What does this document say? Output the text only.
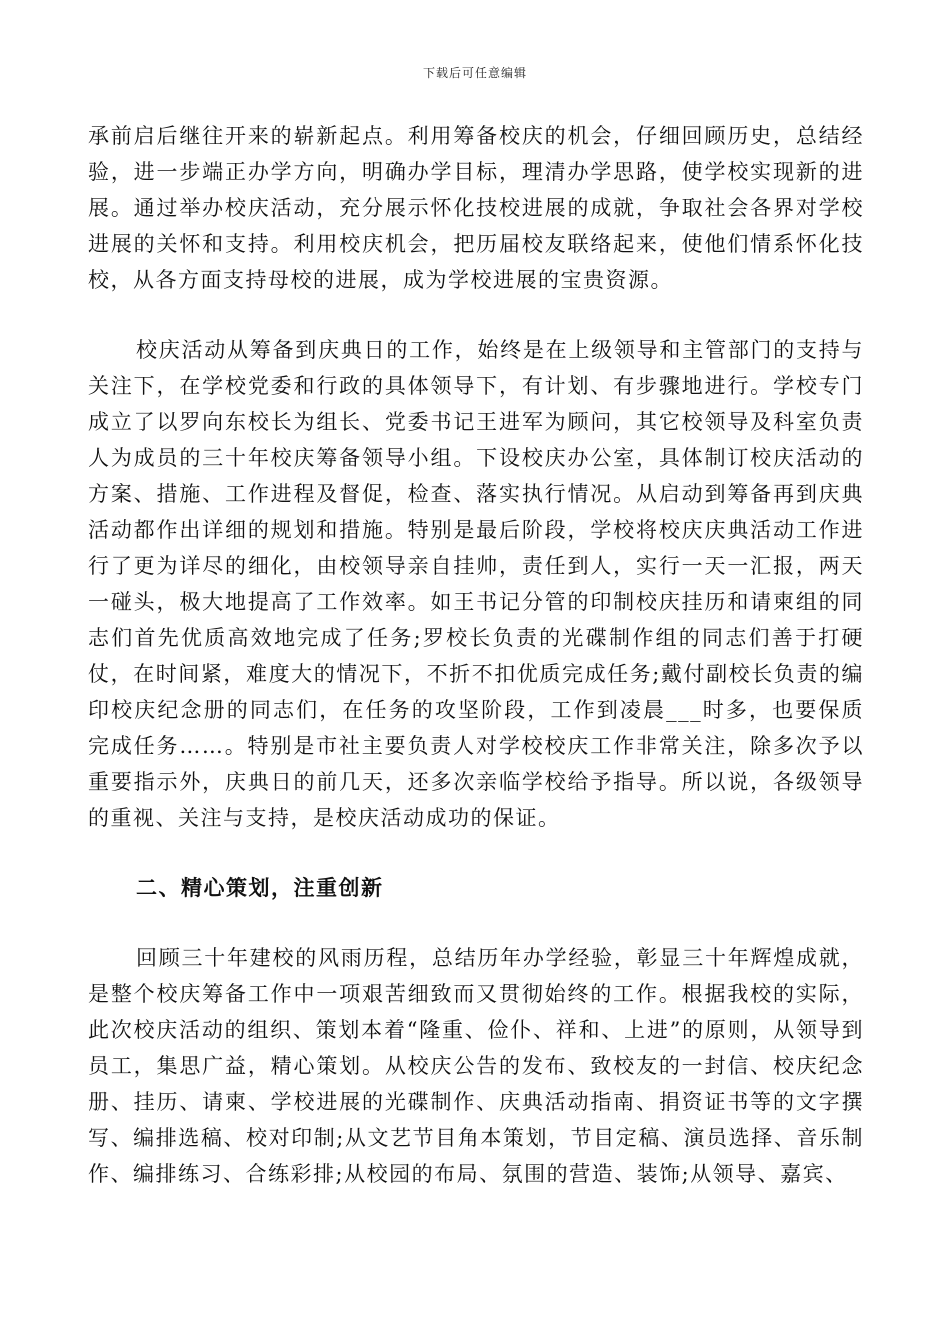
下载后可任意编辑

承前启后继往开来的崭新起点。利用筹备校庆的机会，仔细回顾历史，总结经验，进一步端正办学方向，明确办学目标，理清办学思路，使学校实现新的进展。通过举办校庆活动，充分展示怀化技校进展的成就，争取社会各界对学校进展的关怀和支持。利用校庆机会，把历届校友联络起来，使他们情系怀化技校，从各方面支持母校的进展，成为学校进展的宝贵资源。

校庆活动从筹备到庆典日的工作，始终是在上级领导和主管部门的支持与关注下，在学校党委和行政的具体领导下，有计划、有步骤地进行。学校专门成立了以罗向东校长为组长、党委书记王进军为顾问，其它校领导及科室负责人为成员的三十年校庆筹备领导小组。下设校庆办公室，具体制订校庆活动的方案、措施、工作进程及督促，检查、落实执行情况。从启动到筹备再到庆典活动都作出详细的规划和措施。特别是最后阶段，学校将校庆庆典活动工作进行了更为详尽的细化，由校领导亲自挂帅，责任到人，实行一天一汇报，两天一碰头，极大地提高了工作效率。如王书记分管的印制校庆挂历和请柬组的同志们首先优质高效地完成了任务;罗校长负责的光碟制作组的同志们善于打硬仗，在时间紧，难度大的情况下，不折不扣优质完成任务;戴付副校长负责的编印校庆纪念册的同志们，在任务的攻坚阶段，工作到凌晨___时多，也要保质完成任务……。特别是市社主要负责人对学校校庆工作非常关注，除多次予以重要指示外，庆典日的前几天，还多次亲临学校给予指导。所以说，各级领导的重视、关注与支持，是校庆活动成功的保证。

二、精心策划，注重创新

回顾三十年建校的风雨历程，总结历年办学经验，彰显三十年辉煌成就，是整个校庆筹备工作中一项艰苦细致而又贯彻始终的工作。根据我校的实际，此次校庆活动的组织、策划本着“隆重、俭仆、祥和、上进”的原则，从领导到员工，集思广益，精心策划。从校庆公告的发布、致校友的一封信、校庆纪念册、挂历、请柬、学校进展的光碟制作、庆典活动指南、捐资证书等的文字撰写、编排选稿、校对印制;从文艺节目角本策划，节目定稿、演员选择、音乐制作、编排练习、合练彩排;从校园的布局、氛围的营造、装饰;从领导、嘉宾、
